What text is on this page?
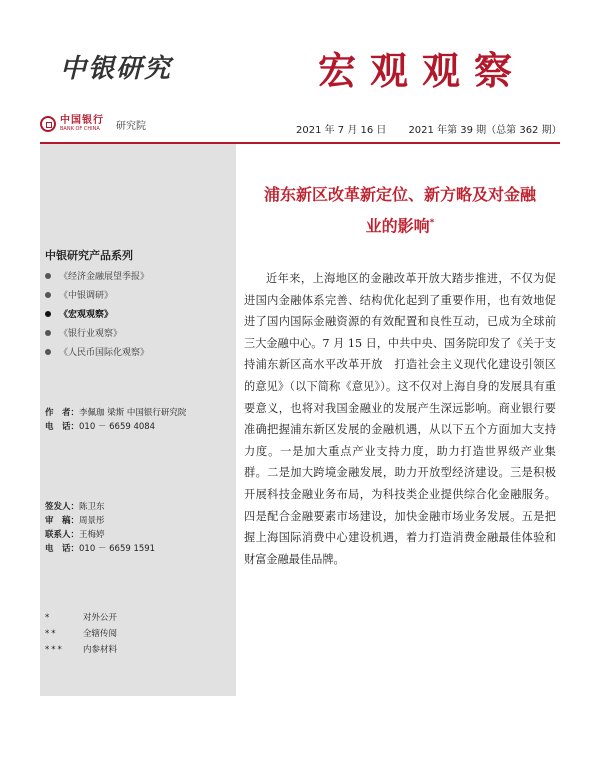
中银研究	宏观观察
中国银行
BANK OF CHINA	研究院	2021 年 7 月 16 日 2021 年第 39 期（总第 362 期）
中银研究产品系列
《经济金融展望季报》
《中银调研》
《宏观观察》
《银行业观察》
《人民币国际化观察》
作　者：李佩珈 梁斯 中国银行研究院
电　话：010 － 6659 4084
签发人：陈卫东
审　稿：周景彤
联系人：王梅婷
电　话：010 － 6659 1591
*	对外公开
**	全辖传阅
*** 内参材料
浦东新区改革新定位、新方略及对金融
业的影响*

近年来，上海地区的金融改革开放大踏步推进，不仅为促进国内金融体系完善、结构优化起到了重要作用，也有效地促进了国内国际金融资源的有效配置和良性互动，已成为全球前三大金融中心。7 月 15 日，中共中央、国务院印发了《关于支持浦东新区高水平改革开放　打造社会主义现代化建设引领区的意见》（以下简称《意见》）。这不仅对上海自身的发展具有重要意义，也将对我国金融业的发展产生深远影响。商业银行要准确把握浦东新区发展的金融机遇，从以下五个方面加大支持力度。一是加大重点产业支持力度，助力打造世界级产业集群。二是加大跨境金融发展，助力开放型经济建设。三是积极开展科技金融业务布局，为科技类企业提供综合化金融服务。四是配合金融要素市场建设，加快金融市场业务发展。五是把握上海国际消费中心建设机遇，着力打造消费金融最佳体验和财富金融最佳品牌。
